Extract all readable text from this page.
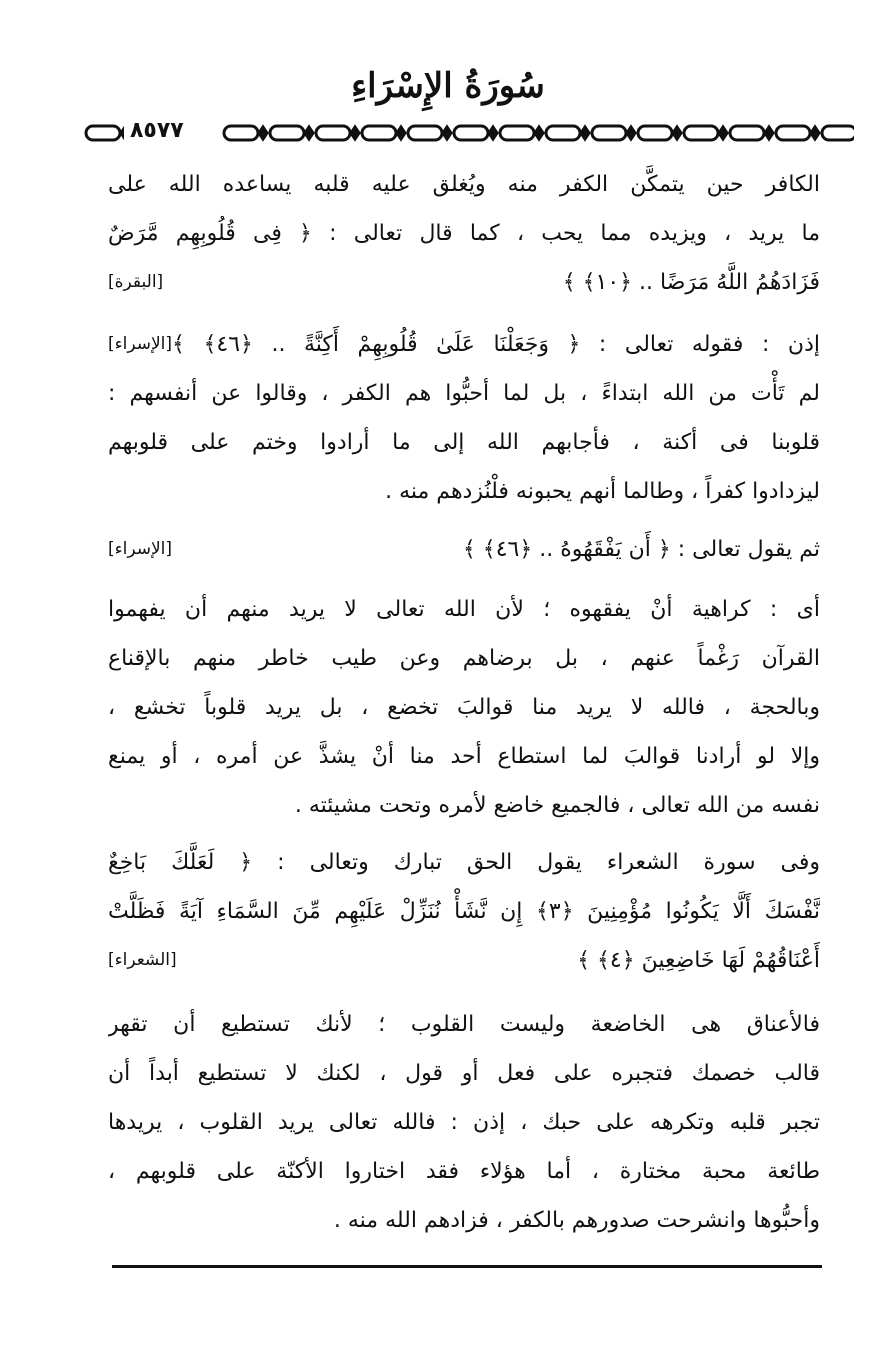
سُورَةُ الإِسْرَاءِ
٨٥٧٧
الكافر حين يتمكَّن الكفر منه ويُغلق عليه قلبه يساعده الله على
ما يريد ، ويزيده مما يحب ، كما قال تعالى : ﴿ فِى قُلُوبِهِم مَّرَضٌ
[البقرة]	فَزَادَهُمُ اللَّهُ مَرَضًا .. ﴿١٠﴾ ﴾
[الإسراء] إذن : فقوله تعالى : ﴿ وَجَعَلْنَا عَلَىٰ قُلُوبِهِمْ أَكِنَّةً .. ﴿٤٦﴾ ﴾
لم تَأْت من الله ابتداءً ، بل لما أحبُّوا هم الكفر ، وقالوا عن أنفسهم :
قلوبنا فى أكنة ، فأجابهم الله إلى ما أرادوا وختم على قلوبهم
ليزدادوا كفراً ، وطالما أنهم يحبونه فلْنُزدهم منه .
[الإسراء]	ثم يقول تعالى : ﴿ أَن يَفْقَهُوهُ .. ﴿٤٦﴾ ﴾
أى : كراهية أنْ يفقهوه ؛ لأن الله تعالى لا يريد منهم أن يفهموا
القرآن رَغْماً عنهم ، بل برضاهم وعن طيب خاطر منهم بالإقناع
وبالحجة ، فالله لا يريد منا قوالبَ تخضع ، بل يريد قلوباً تخشع ،
وإلا لو أرادنا قوالبَ لما استطاع أحد منا أنْ يشذَّ عن أمره ، أو يمنع
نفسه من الله تعالى ، فالجميع خاضع لأمره وتحت مشيئته .
وفى سورة الشعراء يقول الحق تبارك وتعالى : ﴿ لَعَلَّكَ بَاخِعٌ
نَّفْسَكَ أَلَّا يَكُونُوا مُؤْمِنِينَ ﴿٣﴾ إِن نَّشَأْ نُنَزِّلْ عَلَيْهِم مِّنَ السَّمَاءِ آيَةً فَظَلَّتْ
[الشعراء]	أَعْنَاقُهُمْ لَهَا خَاضِعِينَ ﴿٤﴾ ﴾
فالأعناق هى الخاضعة وليست القلوب ؛ لأنك تستطيع أن تقهر
قالب خصمك فتجبره على فعل أو قول ، لكنك لا تستطيع أبداً أن
تجبر قلبه وتكرهه على حبك ، إذن : فالله تعالى يريد القلوب ، يريدها
طائعة محبة مختارة ، أما هؤلاء فقد اختاروا الأكنّة على قلوبهم ،
وأحبُّوها وانشرحت صدورهم بالكفر ، فزادهم الله منه .
